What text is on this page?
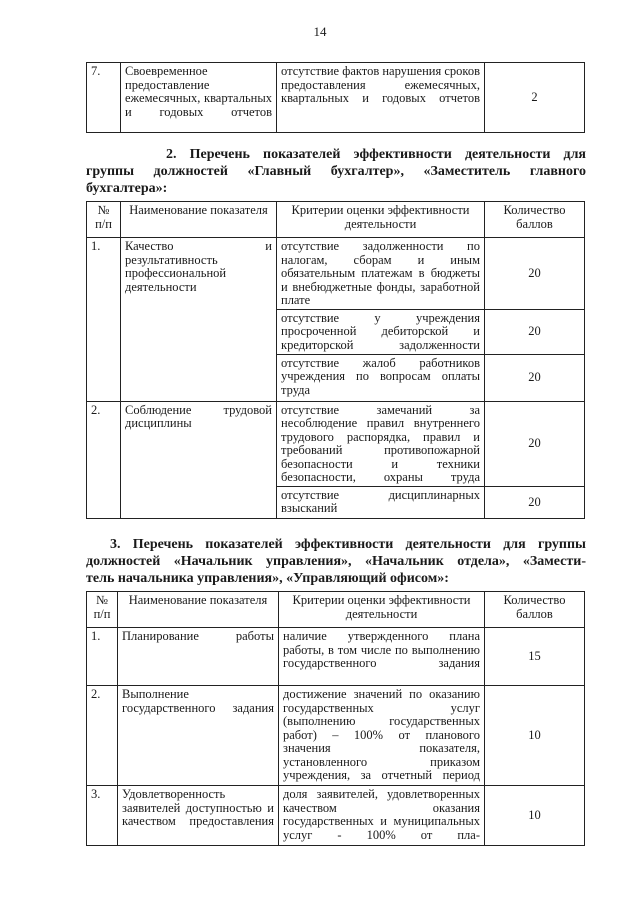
14
7.	Своевременное предоставление ежемесячных, квартальных и годовых отчетов	отсутствие фактов нарушения сроков предоставления ежемесячных, квартальных и годовых отчетов	2
2. Перечень показателей эффективности деятельности для
группы должностей «Главный бухгалтер», «Заместитель главного
бухгалтера»:
№ п/п	Наименование показателя	Критерии оценки эффективности деятельности	Количество баллов
1.	Качество и результативность профессиональной деятельности	отсутствие задолженности по налогам, сборам и иным обязательным платежам в бюджеты и внебюджетные фонды, заработной плате	20
		отсутствие у учреждения просроченной дебиторской и кредиторской задолженности	20
		отсутствие жалоб работников учреждения по вопросам оплаты труда	20
2.	Соблюдение трудовой дисциплины	отсутствие замечаний за несоблюдение правил внутреннего трудового распорядка, правил и требований противопожарной безопасности и техники безопасности, охраны труда	20
		отсутствие дисциплинарных взысканий	20
3. Перечень показателей эффективности деятельности для группы
должностей «Начальник управления», «Начальник отдела», «Замести-
тель начальника управления», «Управляющий офисом»:
№ п/п	Наименование показателя	Критерии оценки эффективности деятельности	Количество баллов
1.	Планирование работы	наличие утвержденного плана работы, в том числе по выполнению государственного задания	15
2.	Выполнение государственного задания	достижение значений по оказанию государственных услуг (выполнению государственных работ) – 100% от планового значения показателя, установленного приказом учреждения, за отчетный период	10
3.	Удовлетворенность заявителей доступностью и качеством предоставления	доля заявителей, удовлетворенных качеством оказания государственных и муниципальных услуг - 100% от пла-	10
